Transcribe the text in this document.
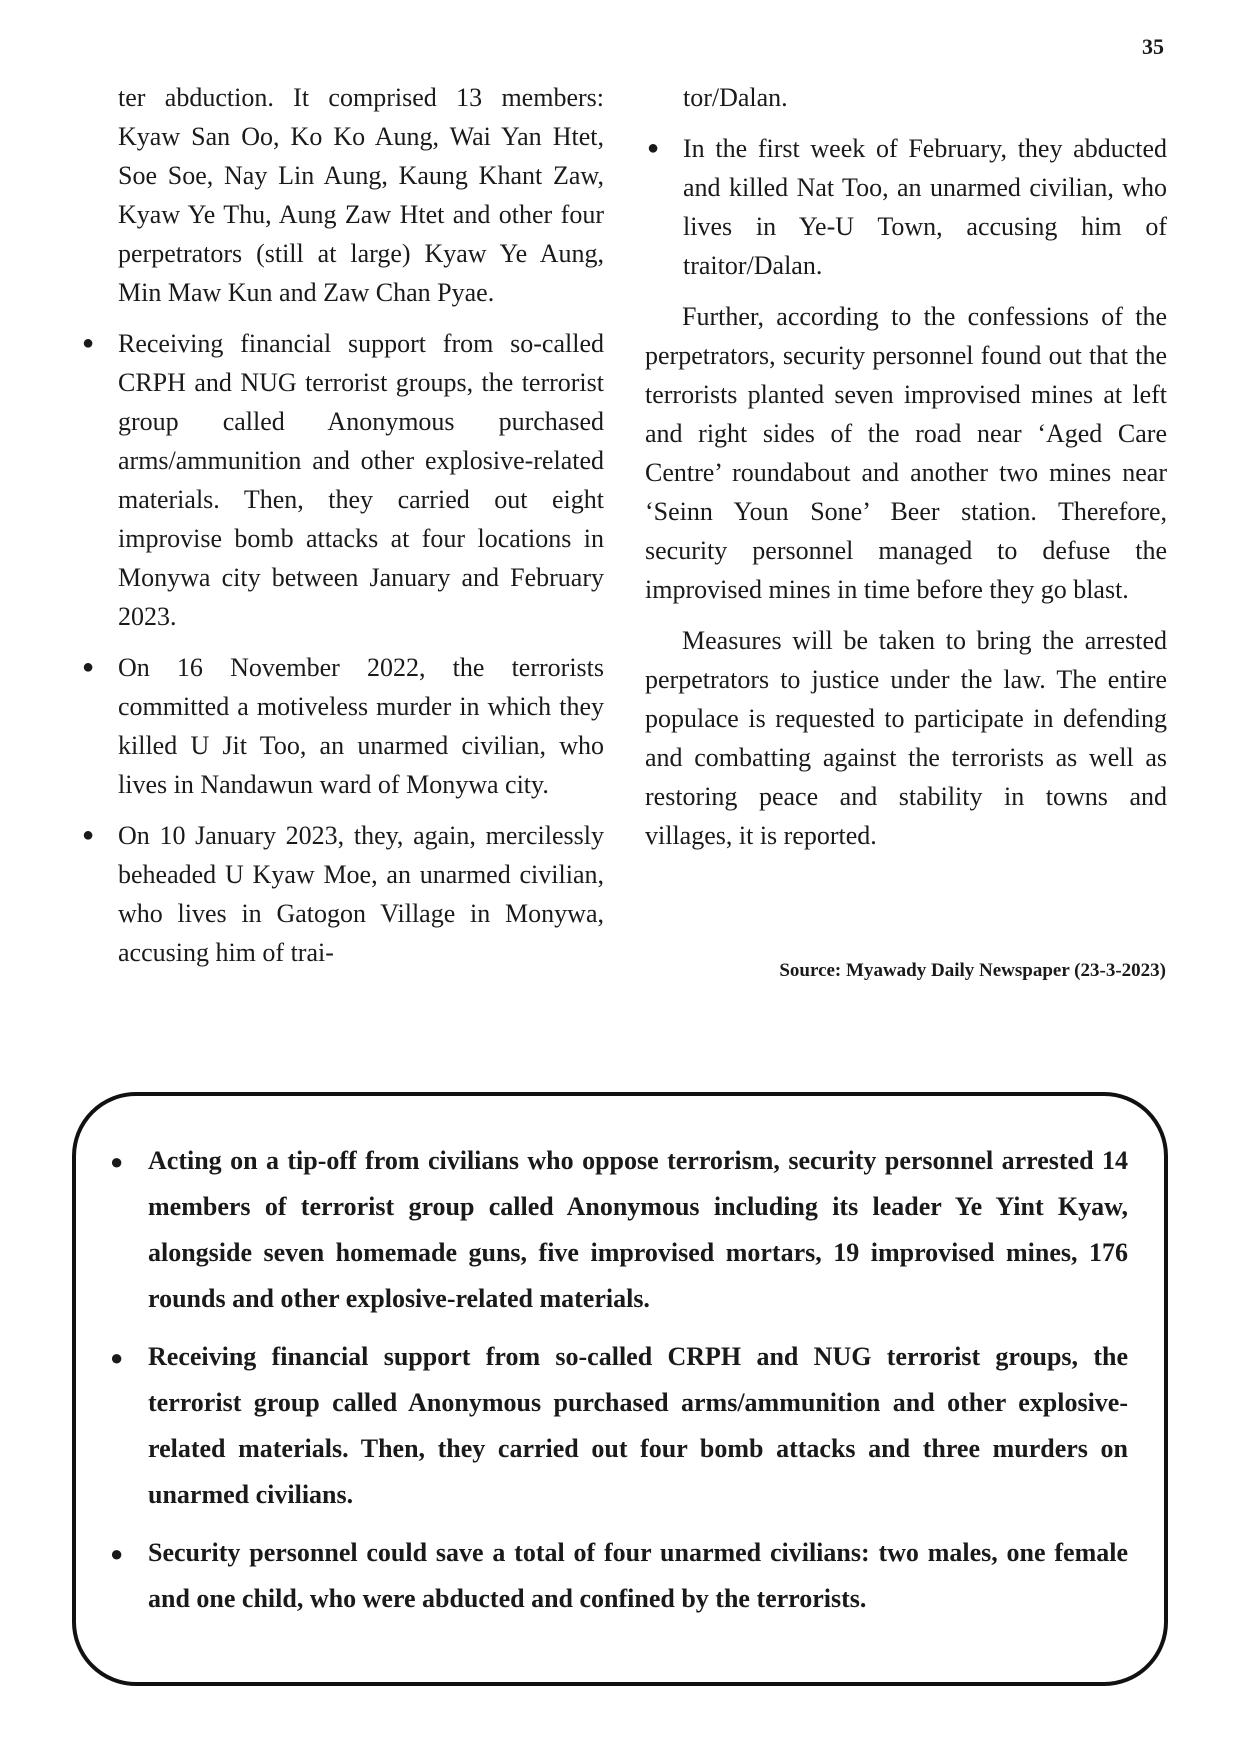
35

ter abduction. It comprised 13 members: Kyaw San Oo, Ko Ko Aung, Wai Yan Htet, Soe Soe, Nay Lin Aung, Kaung Khant Zaw, Kyaw Ye Thu, Aung Zaw Htet and other four perpetrators (still at large) Kyaw Ye Aung, Min Maw Kun and Zaw Chan Pyae.

● Receiving financial support from so-called CRPH and NUG terrorist groups, the terrorist group called Anonymous purchased arms/ammunition and other explosive-related materials. Then, they carried out eight improvise bomb attacks at four locations in Monywa city between January and February 2023.
● On 16 November 2022, the terrorists committed a motiveless murder in which they killed U Jit Too, an unarmed civilian, who lives in Nandawun ward of Monywa city.
● On 10 January 2023, they, again, mercilessly beheaded U Kyaw Moe, an unarmed civilian, who lives in Gatogon Village in Monywa, accusing him of trai-

tor/Dalan.

● In the first week of February, they abducted and killed Nat Too, an unarmed civilian, who lives in Ye-U Town, accusing him of traitor/Dalan.

Further, according to the confessions of the perpetrators, security personnel found out that the terrorists planted seven improvised mines at left and right sides of the road near ‘Aged Care Centre’ roundabout and another two mines near ‘Seinn Youn Sone’ Beer station. Therefore, security personnel managed to defuse the improvised mines in time before they go blast.

Measures will be taken to bring the arrested perpetrators to justice under the law. The entire populace is requested to participate in defending and combatting against the terrorists as well as restoring peace and stability in towns and villages, it is reported.

Source: Myawady Daily Newspaper (23-3-2023)
● Acting on a tip-off from civilians who oppose terrorism, security personnel arrested 14 members of terrorist group called Anonymous including its leader Ye Yint Kyaw, alongside seven homemade guns, five improvised mortars, 19 improvised mines, 176 rounds and other explosive-related materials.
● Receiving financial support from so-called CRPH and NUG terrorist groups, the terrorist group called Anonymous purchased arms/ammunition and other explosive-related materials. Then, they carried out four bomb attacks and three murders on unarmed civilians.
● Security personnel could save a total of four unarmed civilians: two males, one female and one child, who were abducted and confined by the terrorists.
